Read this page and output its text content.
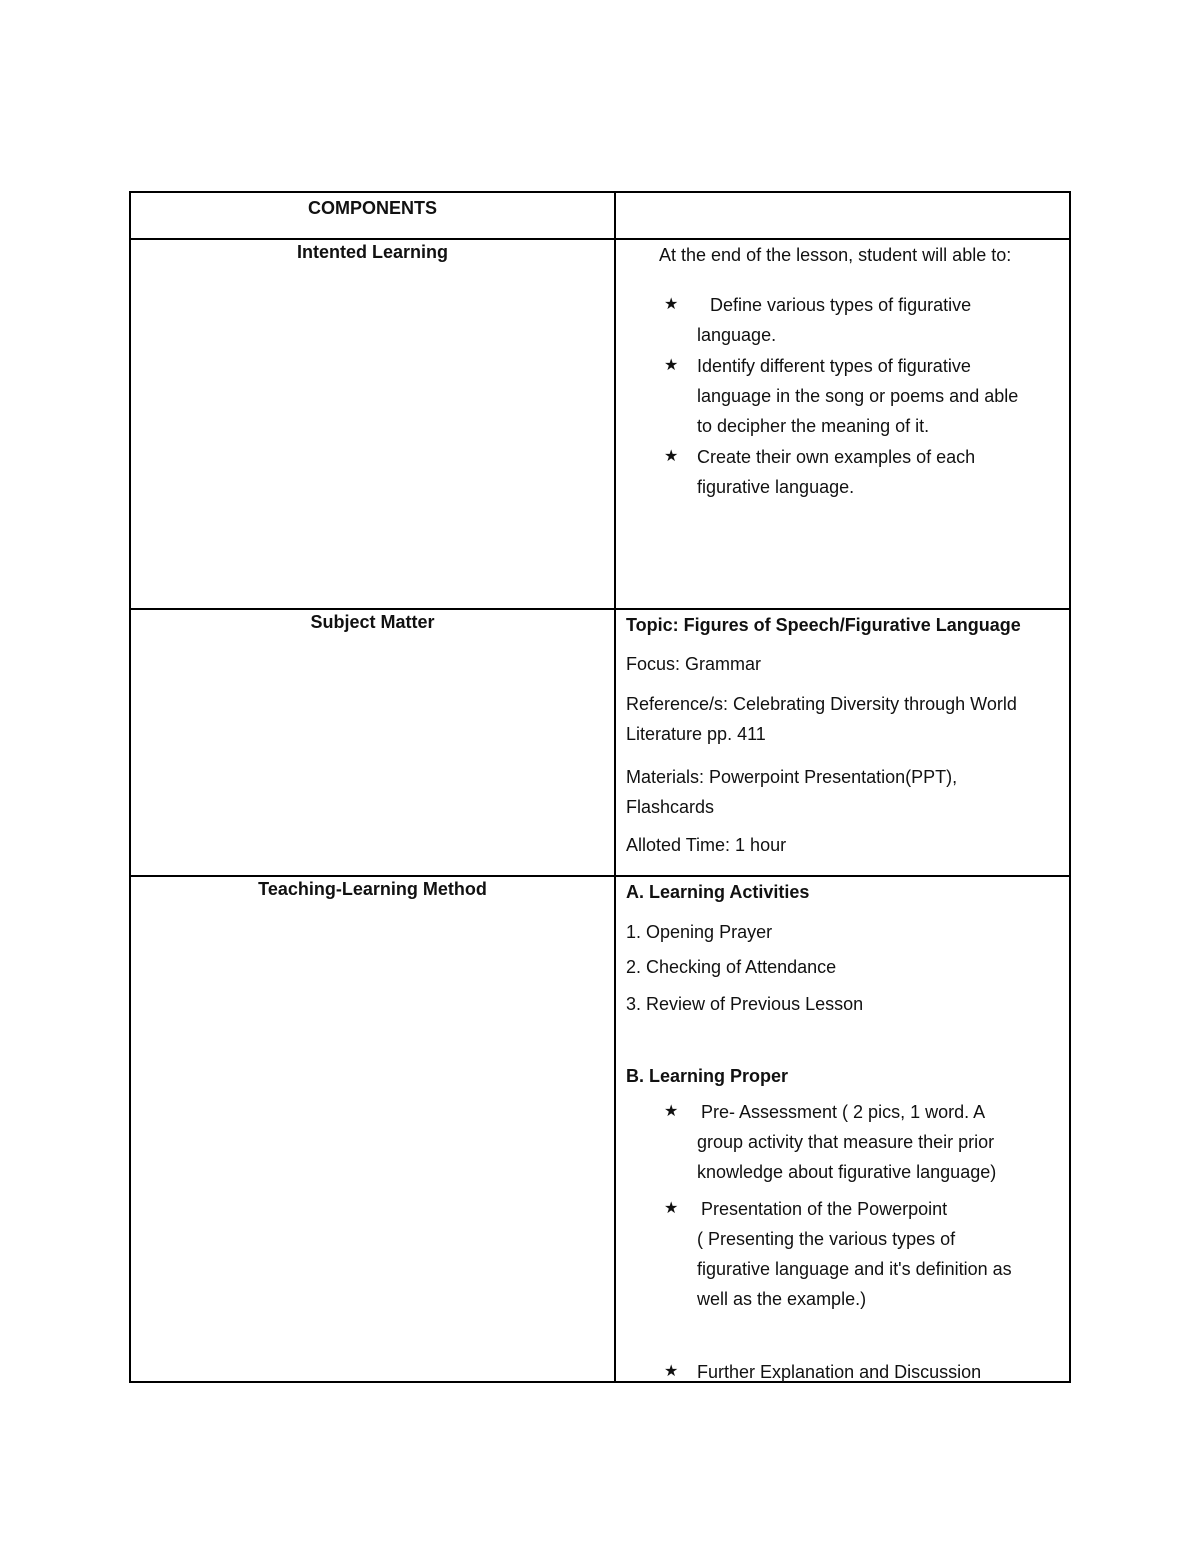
COMPONENTS
Intented Learning	At the end of the lesson, student will able to:
★ Define various types of figurative
language.
★ Identify different types of figurative
language in the song or poems and able
to decipher the meaning of it.
★ Create their own examples of each
figurative language.
Subject Matter	Topic: Figures of Speech/Figurative Language
Focus: Grammar
Reference/s: Celebrating Diversity through World
Literature pp. 411
Materials: Powerpoint Presentation(PPT),
Flashcards
Alloted Time: 1 hour
Teaching-Learning Method	A. Learning Activities
1. Opening Prayer
2. Checking of Attendance
3. Review of Previous Lesson
B. Learning Proper
★ Pre- Assessment ( 2 pics, 1 word. A
group activity that measure their prior
knowledge about figurative language)
★ Presentation of the Powerpoint
( Presenting the various types of
figurative language and it's definition as
well as the example.)
★ Further Explanation and Discussion
